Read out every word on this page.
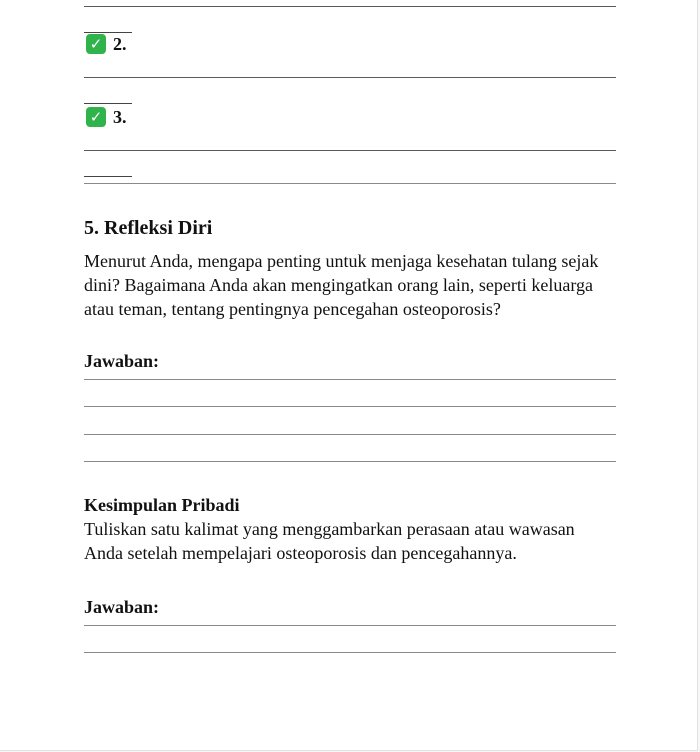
✓ 2.
✓ 3.
5. Refleksi Diri
Menurut Anda, mengapa penting untuk menjaga kesehatan tulang sejak dini? Bagaimana Anda akan mengingatkan orang lain, seperti keluarga atau teman, tentang pentingnya pencegahan osteoporosis?
Jawaban:
Kesimpulan Pribadi
Tuliskan satu kalimat yang menggambarkan perasaan atau wawasan Anda setelah mempelajari osteoporosis dan pencegahannya.
Jawaban:
